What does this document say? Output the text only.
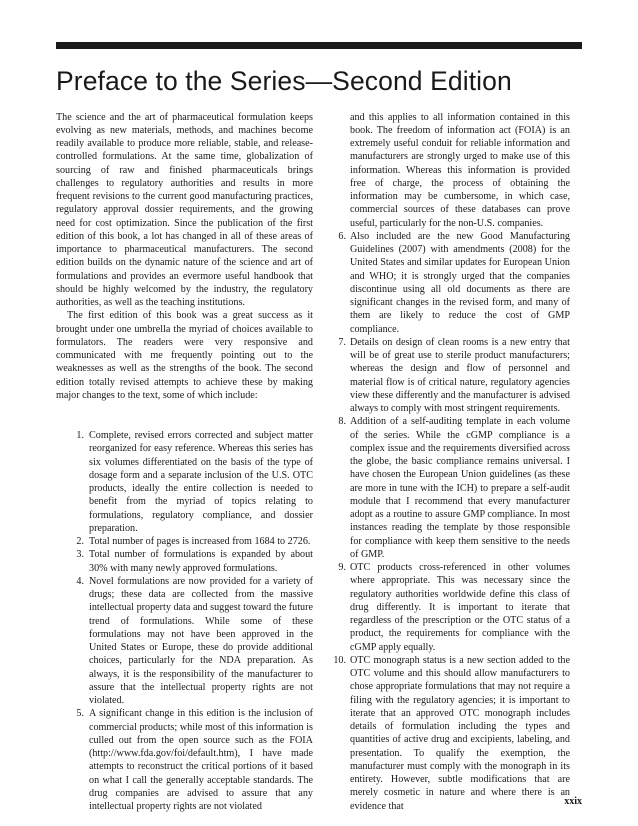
Preface to the Series—Second Edition

The science and the art of pharmaceutical formulation keeps evolving as new materials, methods, and machines become readily available to produce more reliable, stable, and release-controlled formulations. At the same time, globalization of sourcing of raw and finished pharmaceuticals brings challenges to regulatory authorities and results in more frequent revisions to the current good manufacturing practices, regulatory approval dossier requirements, and the growing need for cost optimization. Since the publication of the first edition of this book, a lot has changed in all of these areas of importance to pharmaceutical manufacturers. The second edition builds on the dynamic nature of the science and art of formulations and provides an evermore useful handbook that should be highly welcomed by the industry, the regulatory authorities, as well as the teaching institutions.

The first edition of this book was a great success as it brought under one umbrella the myriad of choices available to formulators. The readers were very responsive and communicated with me frequently pointing out to the weaknesses as well as the strengths of the book. The second edition totally revised attempts to achieve these by making major changes to the text, some of which include:

1. Complete, revised errors corrected and subject matter reorganized for easy reference. Whereas this series has six volumes differentiated on the basis of the type of dosage form and a separate inclusion of the U.S. OTC products, ideally the entire collection is needed to benefit from the myriad of topics relating to formulations, regulatory compliance, and dossier preparation.
2. Total number of pages is increased from 1684 to 2726.
3. Total number of formulations is expanded by about 30% with many newly approved formulations.
4. Novel formulations are now provided for a variety of drugs; these data are collected from the massive intellectual property data and suggest toward the future trend of formulations. While some of these formulations may not have been approved in the United States or Europe, these do provide additional choices, particularly for the NDA preparation. As always, it is the responsibility of the manufacturer to assure that the intellectual property rights are not violated.
5. A significant change in this edition is the inclusion of commercial products; while most of this information is culled out from the open source such as the FOIA (http://www.fda.gov/foi/default.htm), I have made attempts to reconstruct the critical portions of it based on what I call the generally acceptable standards. The drug companies are advised to assure that any intellectual property rights are not violated
and this applies to all information contained in this book. The freedom of information act (FOIA) is an extremely useful conduit for reliable information and manufacturers are strongly urged to make use of this information. Whereas this information is provided free of charge, the process of obtaining the information may be cumbersome, in which case, commercial sources of these databases can prove useful, particularly for the non-U.S. companies.
6. Also included are the new Good Manufacturing Guidelines (2007) with amendments (2008) for the United States and similar updates for European Union and WHO; it is strongly urged that the companies discontinue using all old documents as there are significant changes in the revised form, and many of them are likely to reduce the cost of GMP compliance.
7. Details on design of clean rooms is a new entry that will be of great use to sterile product manufacturers; whereas the design and flow of personnel and material flow is of critical nature, regulatory agencies view these differently and the manufacturer is advised always to comply with most stringent requirements.
8. Addition of a self-auditing template in each volume of the series. While the cGMP compliance is a complex issue and the requirements diversified across the globe, the basic compliance remains universal. I have chosen the European Union guidelines (as these are more in tune with the ICH) to prepare a self-audit module that I recommend that every manufacturer adopt as a routine to assure GMP compliance. In most instances reading the template by those responsible for compliance with keep them sensitive to the needs of GMP.
9. OTC products cross-referenced in other volumes where appropriate. This was necessary since the regulatory authorities worldwide define this class of drug differently. It is important to iterate that regardless of the prescription or the OTC status of a product, the requirements for compliance with the cGMP apply equally.
10. OTC monograph status is a new section added to the OTC volume and this should allow manufacturers to chose appropriate formulations that may not require a filing with the regulatory agencies; it is important to iterate that an approved OTC monograph includes details of formulation including the types and quantities of active drug and excipients, labeling, and presentation. To qualify the exemption, the manufacturer must comply with the monograph in its entirety. However, subtle modifications that are merely cosmetic in nature and where there is an evidence that	xxix
